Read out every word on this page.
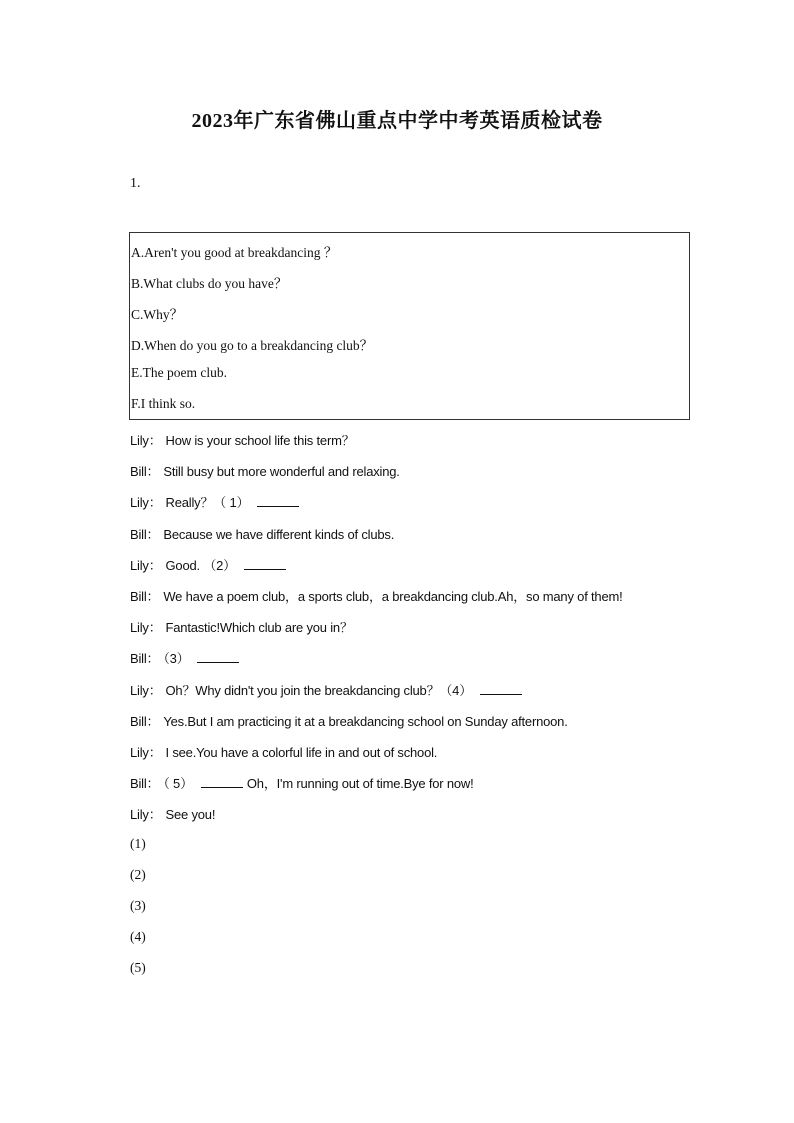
2023年广东省佛山重点中学中考英语质检试卷
1.
A.Aren't you good at breakdancing ？
B.What clubs do you have？
C.Why？
D.When do you go to a breakdancing club？
E.The poem club.
F.I think so.
Lily： How is your school life this term？
Bill： Still busy but more wonderful and relaxing.
Lily： Really？（ 1）
Bill： Because we have different kinds of clubs.
Lily： Good. （2）
Bill： We have a poem club，a sports club，a breakdancing club.Ah，so many of them!
Lily： Fantastic!Which club are you in？
Bill： （3）
Lily： Oh？Why didn't you join the breakdancing club？（4）
Bill： Yes.But I am practicing it at a breakdancing school on Sunday afternoon.
Lily： I see.You have a colorful life in and out of school.
Bill： （ 5）	Oh，I'm running out of time.Bye for now!
Lily： See you!
(1)
(2)
(3)
(4)
(5)
